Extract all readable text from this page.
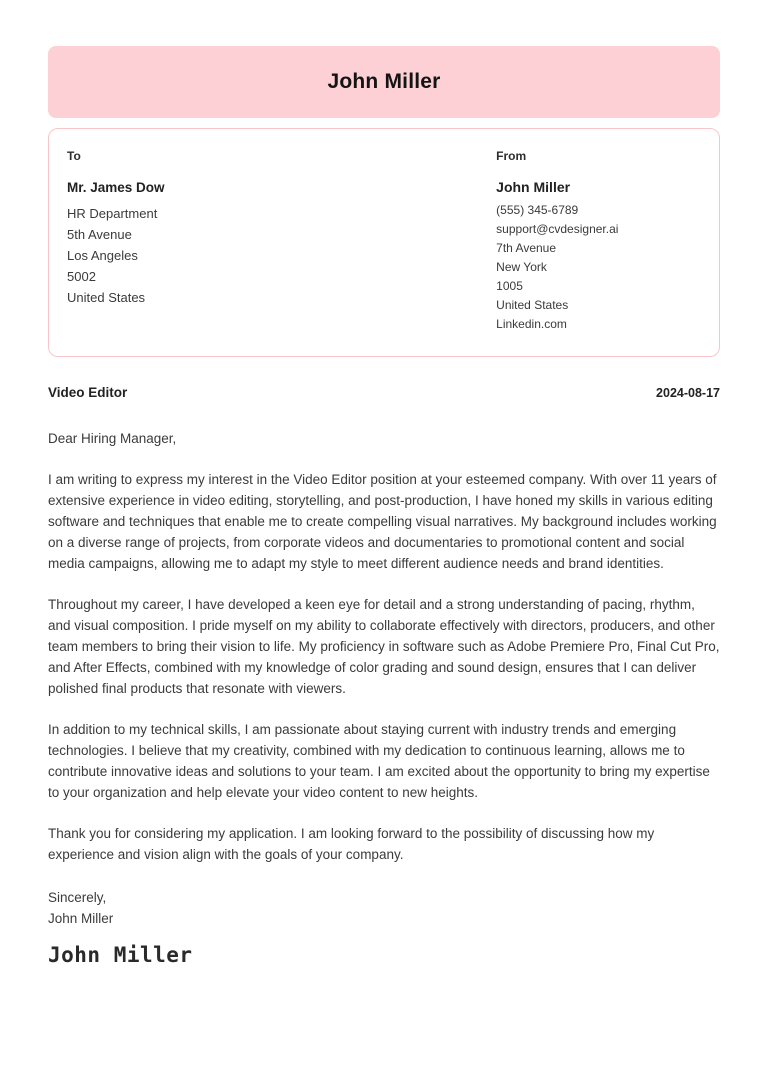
John Miller
To
Mr. James Dow
HR Department
5th Avenue
Los Angeles
5002
United States
From
John Miller
(555) 345-6789
support@cvdesigner.ai
7th Avenue
New York
1005
United States
Linkedin.com
Video Editor	2024-08-17
Dear Hiring Manager,

I am writing to express my interest in the Video Editor position at your esteemed company. With over 11 years of extensive experience in video editing, storytelling, and post-production, I have honed my skills in various editing software and techniques that enable me to create compelling visual narratives. My background includes working on a diverse range of projects, from corporate videos and documentaries to promotional content and social media campaigns, allowing me to adapt my style to meet different audience needs and brand identities.

Throughout my career, I have developed a keen eye for detail and a strong understanding of pacing, rhythm, and visual composition. I pride myself on my ability to collaborate effectively with directors, producers, and other team members to bring their vision to life. My proficiency in software such as Adobe Premiere Pro, Final Cut Pro, and After Effects, combined with my knowledge of color grading and sound design, ensures that I can deliver polished final products that resonate with viewers.

In addition to my technical skills, I am passionate about staying current with industry trends and emerging technologies. I believe that my creativity, combined with my dedication to continuous learning, allows me to contribute innovative ideas and solutions to your team. I am excited about the opportunity to bring my expertise to your organization and help elevate your video content to new heights.

Thank you for considering my application. I am looking forward to the possibility of discussing how my experience and vision align with the goals of your company.

Sincerely,
John Miller
John Miller
